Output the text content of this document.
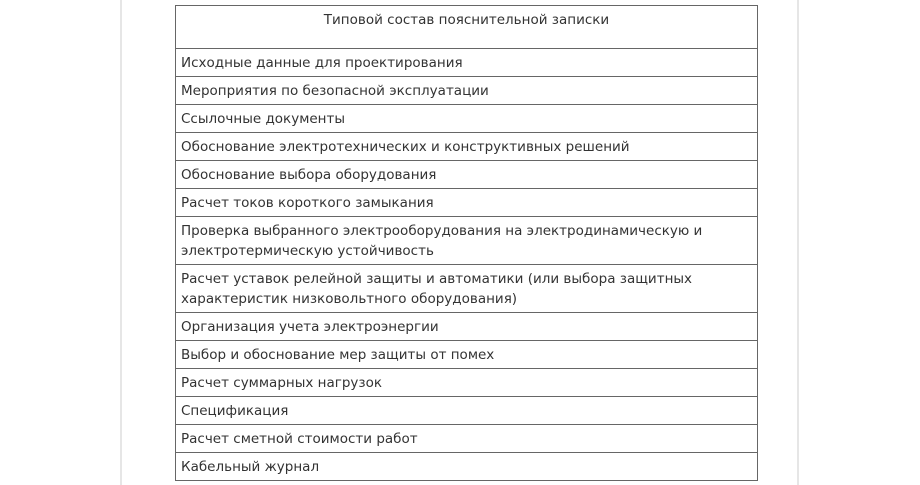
Типовой состав пояснительной записки
Исходные данные для проектирования
Мероприятия по безопасной эксплуатации
Ссылочные документы
Обоснование электротехнических и конструктивных решений
Обоснование выбора оборудования
Расчет токов короткого замыкания
Проверка выбранного электрооборудования на электродинамическую и электротермическую устойчивость
Расчет уставок релейной защиты и автоматики (или выбора защитных характеристик низковольтного оборудования)
Организация учета электроэнергии
Выбор и обоснование мер защиты от помех
Расчет суммарных нагрузок
Спецификация
Расчет сметной стоимости работ
Кабельный журнал
